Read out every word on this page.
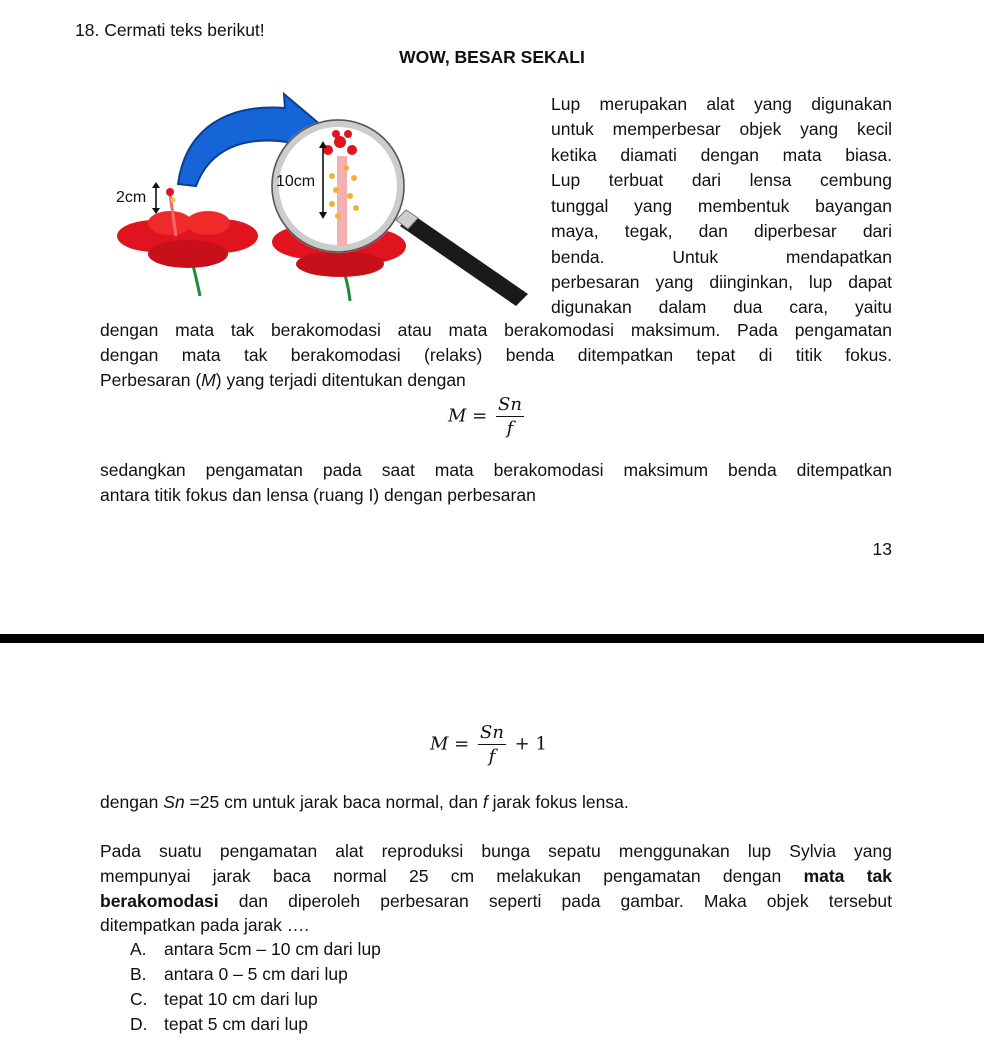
18. Cermati teks berikut!
WOW, BESAR SEKALI
2cm
10cm
Lup merupakan alat yang digunakan
untuk memperbesar objek yang kecil
ketika diamati dengan mata biasa.
Lup terbuat dari lensa cembung
tunggal yang membentuk bayangan
maya, tegak, dan diperbesar dari
benda. Untuk mendapatkan
perbesaran yang diinginkan, lup dapat
digunakan dalam dua cara, yaitu
dengan mata tak berakomodasi atau mata berakomodasi maksimum. Pada pengamatan
dengan mata tak berakomodasi (relaks) benda ditempatkan tepat di titik fokus.
Perbesaran (M) yang terjadi ditentukan dengan
$M = \frac{Sn}{f}$
sedangkan pengamatan pada saat mata berakomodasi maksimum benda ditempatkan
antara titik fokus dan lensa (ruang I) dengan perbesaran
13
$M = \frac{Sn}{f} + 1$
dengan Sn =25 cm untuk jarak baca normal, dan f jarak fokus lensa.
Pada suatu pengamatan alat reproduksi bunga sepatu menggunakan lup Sylvia yang
mempunyai jarak baca normal 25 cm melakukan pengamatan dengan mata tak
berakomodasi dan diperoleh perbesaran seperti pada gambar. Maka objek tersebut
ditempatkan pada jarak ….
A. antara 5cm – 10 cm dari lup
B. antara 0 – 5 cm dari lup
C. tepat 10 cm dari lup
D. tepat 5 cm dari lup
